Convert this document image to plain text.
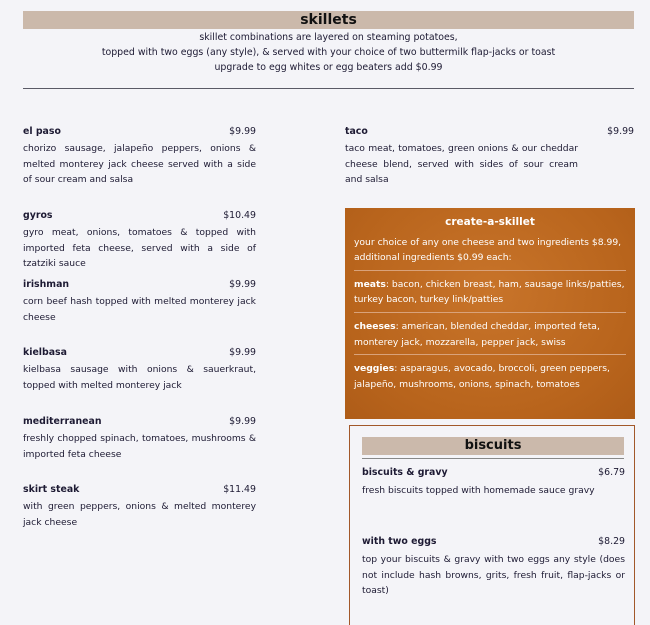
skillets
skillet combinations are layered on steaming potatoes,
topped with two eggs (any style), & served with your choice of two buttermilk flap-jacks or toast
upgrade to egg whites or egg beaters add $0.99
el paso	$9.99
chorizo sausage, jalapeño peppers, onions & melted monterey jack cheese served with a side of sour cream and salsa
gyros	$10.49
gyro meat, onions, tomatoes & topped with imported feta cheese, served with a side of tzatziki sauce
irishman	$9.99
corn beef hash topped with melted monterey jack cheese
kielbasa	$9.99
kielbasa sausage with onions & sauerkraut, topped with melted monterey jack
mediterranean	$9.99
freshly chopped spinach, tomatoes, mushrooms & imported feta cheese
skirt steak	$11.49
with green peppers, onions & melted monterey jack cheese
taco	$9.99
taco meat, tomatoes, green onions & our cheddar cheese blend, served with sides of sour cream and salsa
create-a-skillet
your choice of any one cheese and two ingredients $8.99, additional ingredients $0.99 each:
meats: bacon, chicken breast, ham, sausage links/patties, turkey bacon, turkey link/patties
cheeses: american, blended cheddar, imported feta, monterey jack, mozzarella, pepper jack, swiss
veggies: asparagus, avocado, broccoli, green peppers, jalapeño, mushrooms, onions, spinach, tomatoes
biscuits
biscuits & gravy	$6.79
fresh biscuits topped with homemade sauce gravy
with two eggs	$8.29
top your biscuits & gravy with two eggs any style (does not include hash browns, grits, fresh fruit, flap-jacks or toast)
